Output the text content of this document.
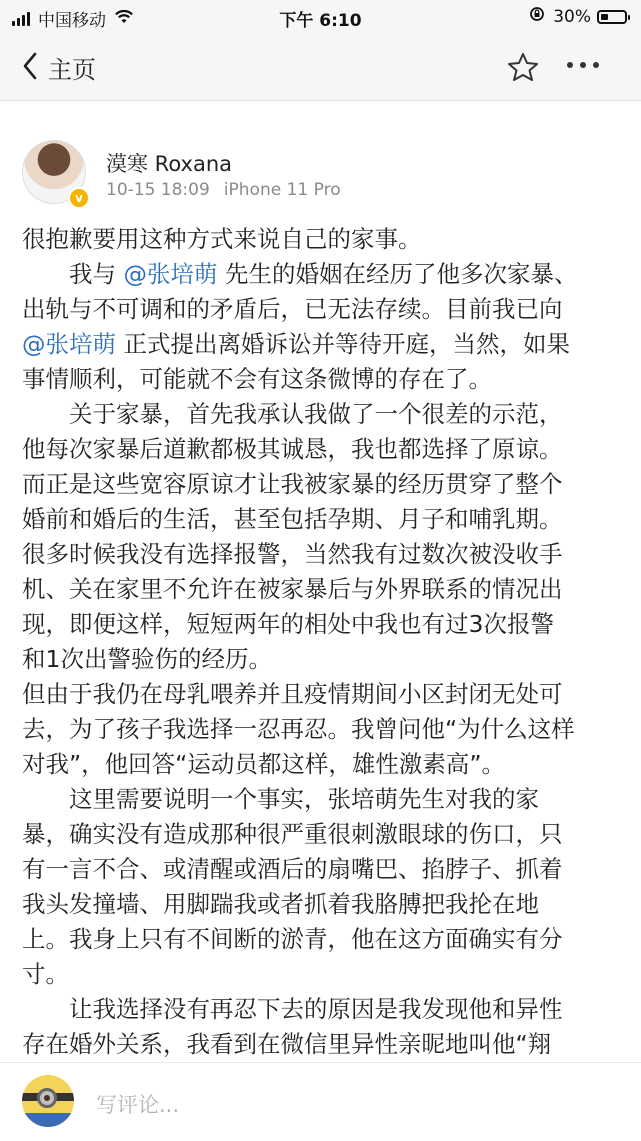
中国移动	下午 6:10	30%
主页
v
漠寒 Roxana
10-15 18:09 iPhone 11 Pro
很抱歉要用这种方式来说自己的家事。
　　我与 @张培萌 先生的婚姻在经历了他多次家暴、
出轨与不可调和的矛盾后，已无法存续。目前我已向
@张培萌 正式提出离婚诉讼并等待开庭，当然，如果
事情顺利，可能就不会有这条微博的存在了。
　　关于家暴，首先我承认我做了一个很差的示范，
他每次家暴后道歉都极其诚恳，我也都选择了原谅。
而正是这些宽容原谅才让我被家暴的经历贯穿了整个
婚前和婚后的生活，甚至包括孕期、月子和哺乳期。
很多时候我没有选择报警，当然我有过数次被没收手
机、关在家里不允许在被家暴后与外界联系的情况出
现，即便这样，短短两年的相处中我也有过3次报警
和1次出警验伤的经历。
但由于我仍在母乳喂养并且疫情期间小区封闭无处可
去，为了孩子我选择一忍再忍。我曾问他“为什么这样
对我”，他回答“运动员都这样，雄性激素高”。
　　这里需要说明一个事实，张培萌先生对我的家
暴，确实没有造成那种很严重很刺激眼球的伤口，只
有一言不合、或清醒或酒后的扇嘴巴、掐脖子、抓着
我头发撞墙、用脚踹我或者抓着我胳膊把我抡在地
上。我身上只有不间断的淤青，他在这方面确实有分
寸。
　　让我选择没有再忍下去的原因是我发现他和异性
存在婚外关系，我看到在微信里异性亲昵地叫他“翔
写评论...
